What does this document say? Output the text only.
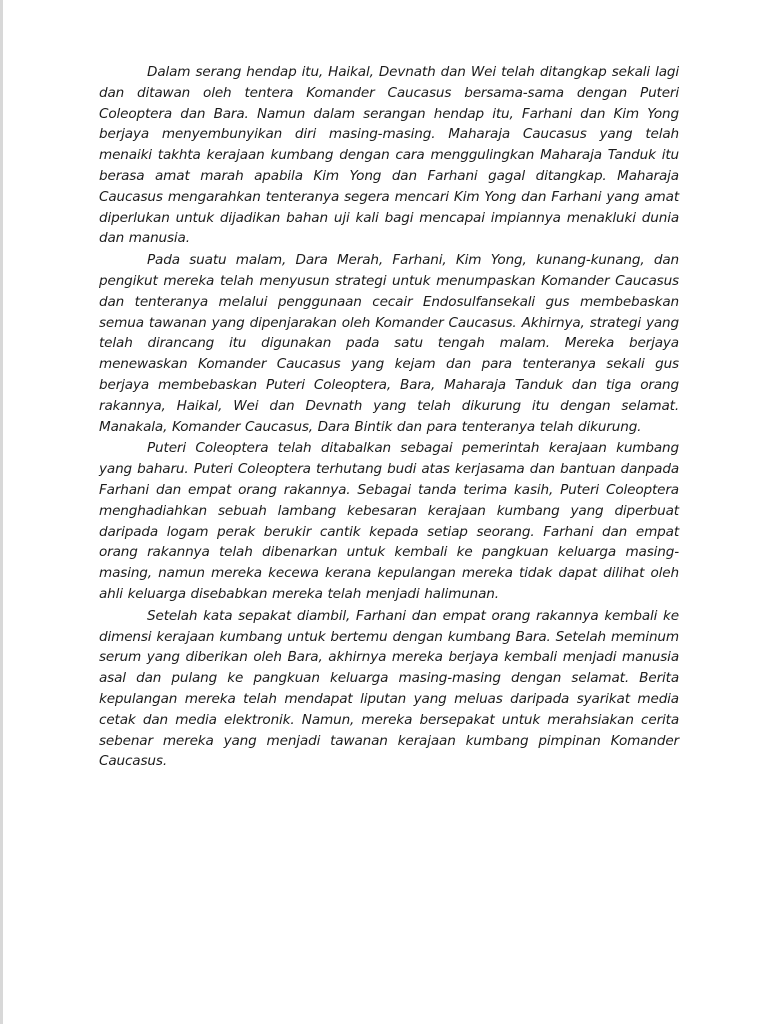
Dalam serang hendap itu, Haikal, Devnath dan Wei telah ditangkap sekali lagi dan ditawan oleh tentera Komander Caucasus bersama-sama dengan Puteri Coleoptera dan Bara. Namun dalam serangan hendap itu, Farhani dan Kim Yong berjaya menyembunyikan diri masing-masing. Maharaja Caucasus yang telah menaiki takhta kerajaan kumbang dengan cara menggulingkan Maharaja Tanduk itu berasa amat marah apabila Kim Yong dan Farhani gagal ditangkap. Maharaja Caucasus mengarahkan tenteranya segera mencari Kim Yong dan Farhani yang amat diperlukan untuk dijadikan bahan uji kali bagi mencapai impiannya menakluki dunia dan manusia.

Pada suatu malam, Dara Merah, Farhani, Kim Yong, kunang-kunang, dan pengikut mereka telah menyusun strategi untuk menumpaskan Komander Caucasus dan tenteranya melalui penggunaan cecair Endosulfansekali gus membebaskan semua tawanan yang dipenjarakan oleh Komander Caucasus. Akhirnya, strategi yang telah dirancang itu digunakan pada satu tengah malam. Mereka berjaya menewaskan Komander Caucasus yang kejam dan para tenteranya sekali gus berjaya membebaskan Puteri Coleoptera, Bara, Maharaja Tanduk dan tiga orang rakannya, Haikal, Wei dan Devnath yang telah dikurung itu dengan selamat. Manakala, Komander Caucasus, Dara Bintik dan para tenteranya telah dikurung.

Puteri Coleoptera telah ditabalkan sebagai pemerintah kerajaan kumbang yang baharu. Puteri Coleoptera terhutang budi atas kerjasama dan bantuan danpada Farhani dan empat orang rakannya. Sebagai tanda terima kasih, Puteri Coleoptera menghadiahkan sebuah lambang kebesaran kerajaan kumbang yang diperbuat daripada logam perak berukir cantik kepada setiap seorang. Farhani dan empat orang rakannya telah dibenarkan untuk kembali ke pangkuan keluarga masing-masing, namun mereka kecewa kerana kepulangan mereka tidak dapat dilihat oleh ahli keluarga disebabkan mereka telah menjadi halimunan.

Setelah kata sepakat diambil, Farhani dan empat orang rakannya kembali ke dimensi kerajaan kumbang untuk bertemu dengan kumbang Bara. Setelah meminum serum yang diberikan oleh Bara, akhirnya mereka berjaya kembali menjadi manusia asal dan pulang ke pangkuan keluarga masing-masing dengan selamat. Berita kepulangan mereka telah mendapat liputan yang meluas daripada syarikat media cetak dan media elektronik. Namun, mereka bersepakat untuk merahsiakan cerita sebenar mereka yang menjadi tawanan kerajaan kumbang pimpinan Komander Caucasus.
